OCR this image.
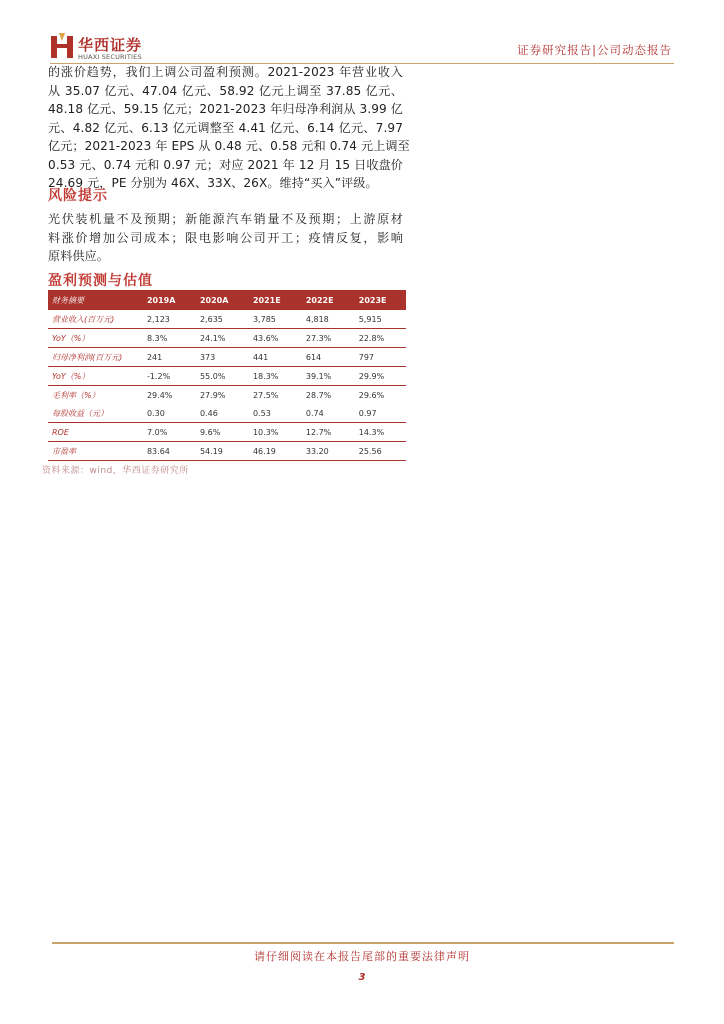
华西证券
HUAXI SECURITIES	证券研究报告|公司动态报告
的涨价趋势，我们上调公司盈利预测。2021-2023 年营业收入
从 35.07 亿元、47.04 亿元、58.92 亿元上调至 37.85 亿元、
48.18 亿元、59.15 亿元；2021-2023 年归母净利润从 3.99 亿
元、4.82 亿元、6.13 亿元调整至 4.41 亿元、6.14 亿元、7.97
亿元；2021-2023 年 EPS 从 0.48 元、0.58 元和 0.74 元上调至
0.53 元、0.74 元和 0.97 元；对应 2021 年 12 月 15 日收盘价
24.69 元，PE 分别为 46X、33X、26X。维持“买入”评级。
风险提示
光伏装机量不及预期；新能源汽车销量不及预期；上游原材
料涨价增加公司成本；限电影响公司开工；疫情反复，影响
原料供应。
盈利预测与估值
财务摘要	2019A	2020A	2021E	2022E	2023E
营业收入(百万元)	2,123	2,635	3,785	4,818	5,915
YoY（%）	8.3%	24.1%	43.6%	27.3%	22.8%
归母净利润(百万元)	241	373	441	614	797
YoY（%）	-1.2%	55.0%	18.3%	39.1%	29.9%
毛利率（%）	29.4%	27.9%	27.5%	28.7%	29.6%
每股收益（元）	0.30	0.46	0.53	0.74	0.97
ROE	7.0%	9.6%	10.3%	12.7%	14.3%
市盈率	83.64	54.19	46.19	33.20	25.56
资料来源：wind，华西证券研究所
请仔细阅读在本报告尾部的重要法律声明
3
